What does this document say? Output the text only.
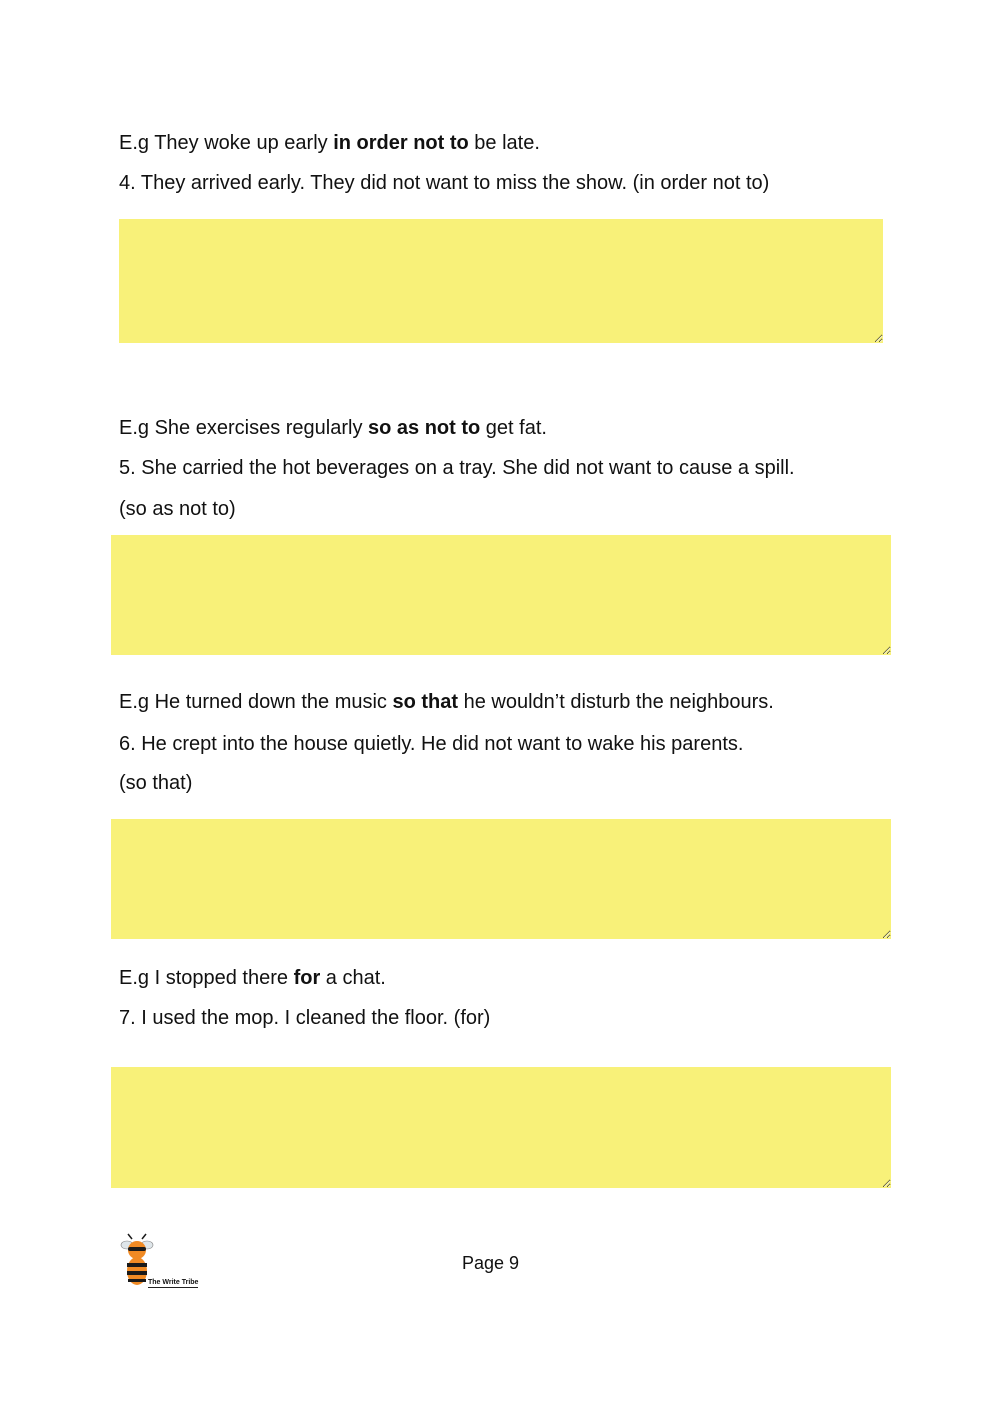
E.g They woke up early in order not to be late.
4. They arrived early. They did not want to miss the show. (in order not to)
E.g She exercises regularly so as not to get fat.
5. She carried the hot beverages on a tray. She did not want to cause a spill.
(so as not to)
E.g He turned down the music so that he wouldn’t disturb the neighbours.
6. He crept into the house quietly. He did not want to wake his parents.
(so that)
E.g I stopped there for a chat.
7. I used the mop. I cleaned the floor. (for)
The Write Tribe
Page 9
